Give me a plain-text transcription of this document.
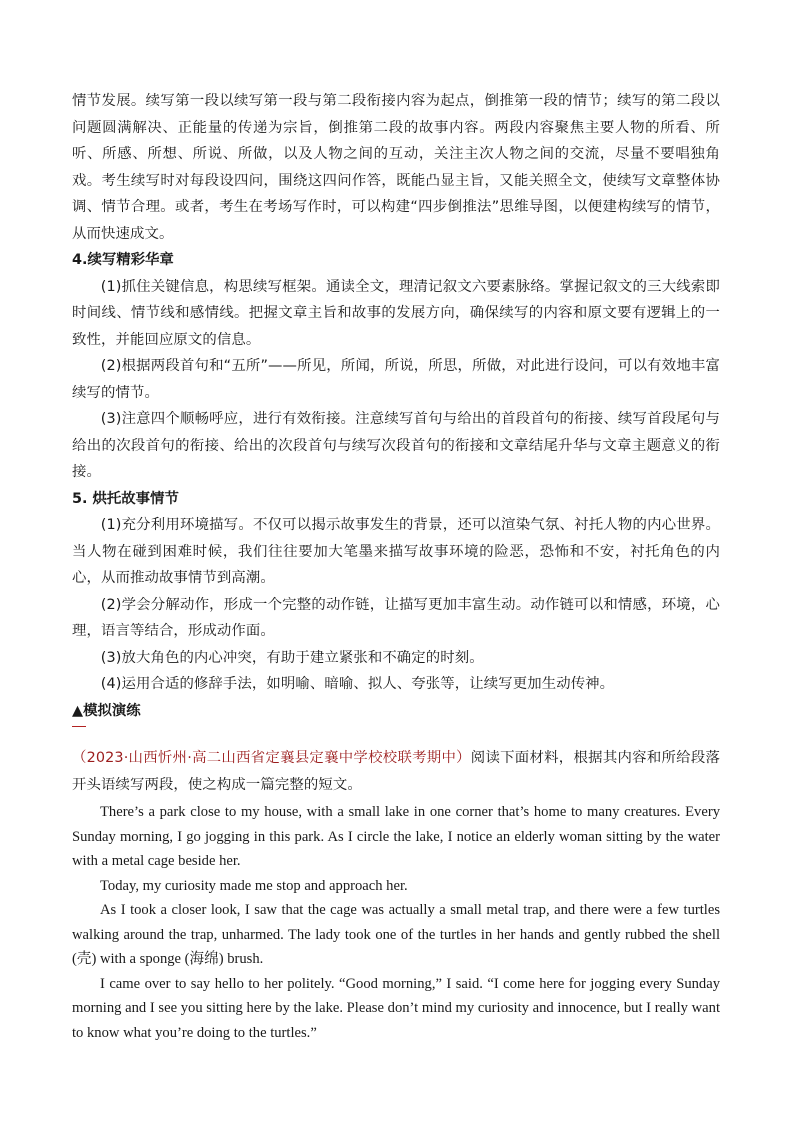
情节发展。续写第一段以续写第一段与第二段衔接内容为起点，倒推第一段的情节；续写的第二段以问题圆满解决、正能量的传递为宗旨，倒推第二段的故事内容。两段内容聚焦主要人物的所看、所听、所感、所想、所说、所做，以及人物之间的互动，关注主次人物之间的交流，尽量不要唱独角戏。考生续写时对每段设四问，围绕这四问作答，既能凸显主旨，又能关照全文，使续写文章整体协调、情节合理。或者，考生在考场写作时，可以构建“四步倒推法”思维导图，以便建构续写的情节，从而快速成文。

4.续写精彩华章

(1)抓住关键信息，构思续写框架。通读全文，理清记叙文六要素脉络。掌握记叙文的三大线索即时间线、情节线和感情线。把握文章主旨和故事的发展方向，确保续写的内容和原文要有逻辑上的一致性，并能回应原文的信息。

(2)根据两段首句和“五所”——所见，所闻，所说，所思，所做，对此进行设问，可以有效地丰富续写的情节。

(3)注意四个顺畅呼应，进行有效衔接。注意续写首句与给出的首段首句的衔接、续写首段尾句与给出的次段首句的衔接、给出的次段首句与续写次段首句的衔接和文章结尾升华与文章主题意义的衔接。

5. 烘托故事情节

(1)充分利用环境描写。不仅可以揭示故事发生的背景，还可以渲染气氛、衬托人物的内心世界。当人物在碰到困难时候，我们往往要加大笔墨来描写故事环境的险恶，恐怖和不安，衬托角色的内心，从而推动故事情节到高潮。

(2)学会分解动作，形成一个完整的动作链，让描写更加丰富生动。动作链可以和情感，环境，心理，语言等结合，形成动作面。

(3)放大角色的内心冲突，有助于建立紧张和不确定的时刻。

(4)运用合适的修辞手法，如明喻、暗喻、拟人、夸张等，让续写更加生动传神。

▲模拟演练

（2023·山西忻州·高二山西省定襄县定襄中学校校联考期中）阅读下面材料，根据其内容和所给段落开头语续写两段，使之构成一篇完整的短文。

There’s a park close to my house, with a small lake in one corner that’s home to many creatures. Every Sunday morning, I go jogging in this park. As I circle the lake, I notice an elderly woman sitting by the water with a metal cage beside her.

Today, my curiosity made me stop and approach her.

As I took a closer look, I saw that the cage was actually a small metal trap, and there were a few turtles walking around the trap, unharmed. The lady took one of the turtles in her hands and gently rubbed the shell (壳) with a sponge (海绵) brush.

I came over to say hello to her politely. “Good morning,” I said. “I come here for jogging every Sunday morning and I see you sitting here by the lake. Please don’t mind my curiosity and innocence, but I really want to know what you’re doing to the turtles.”
